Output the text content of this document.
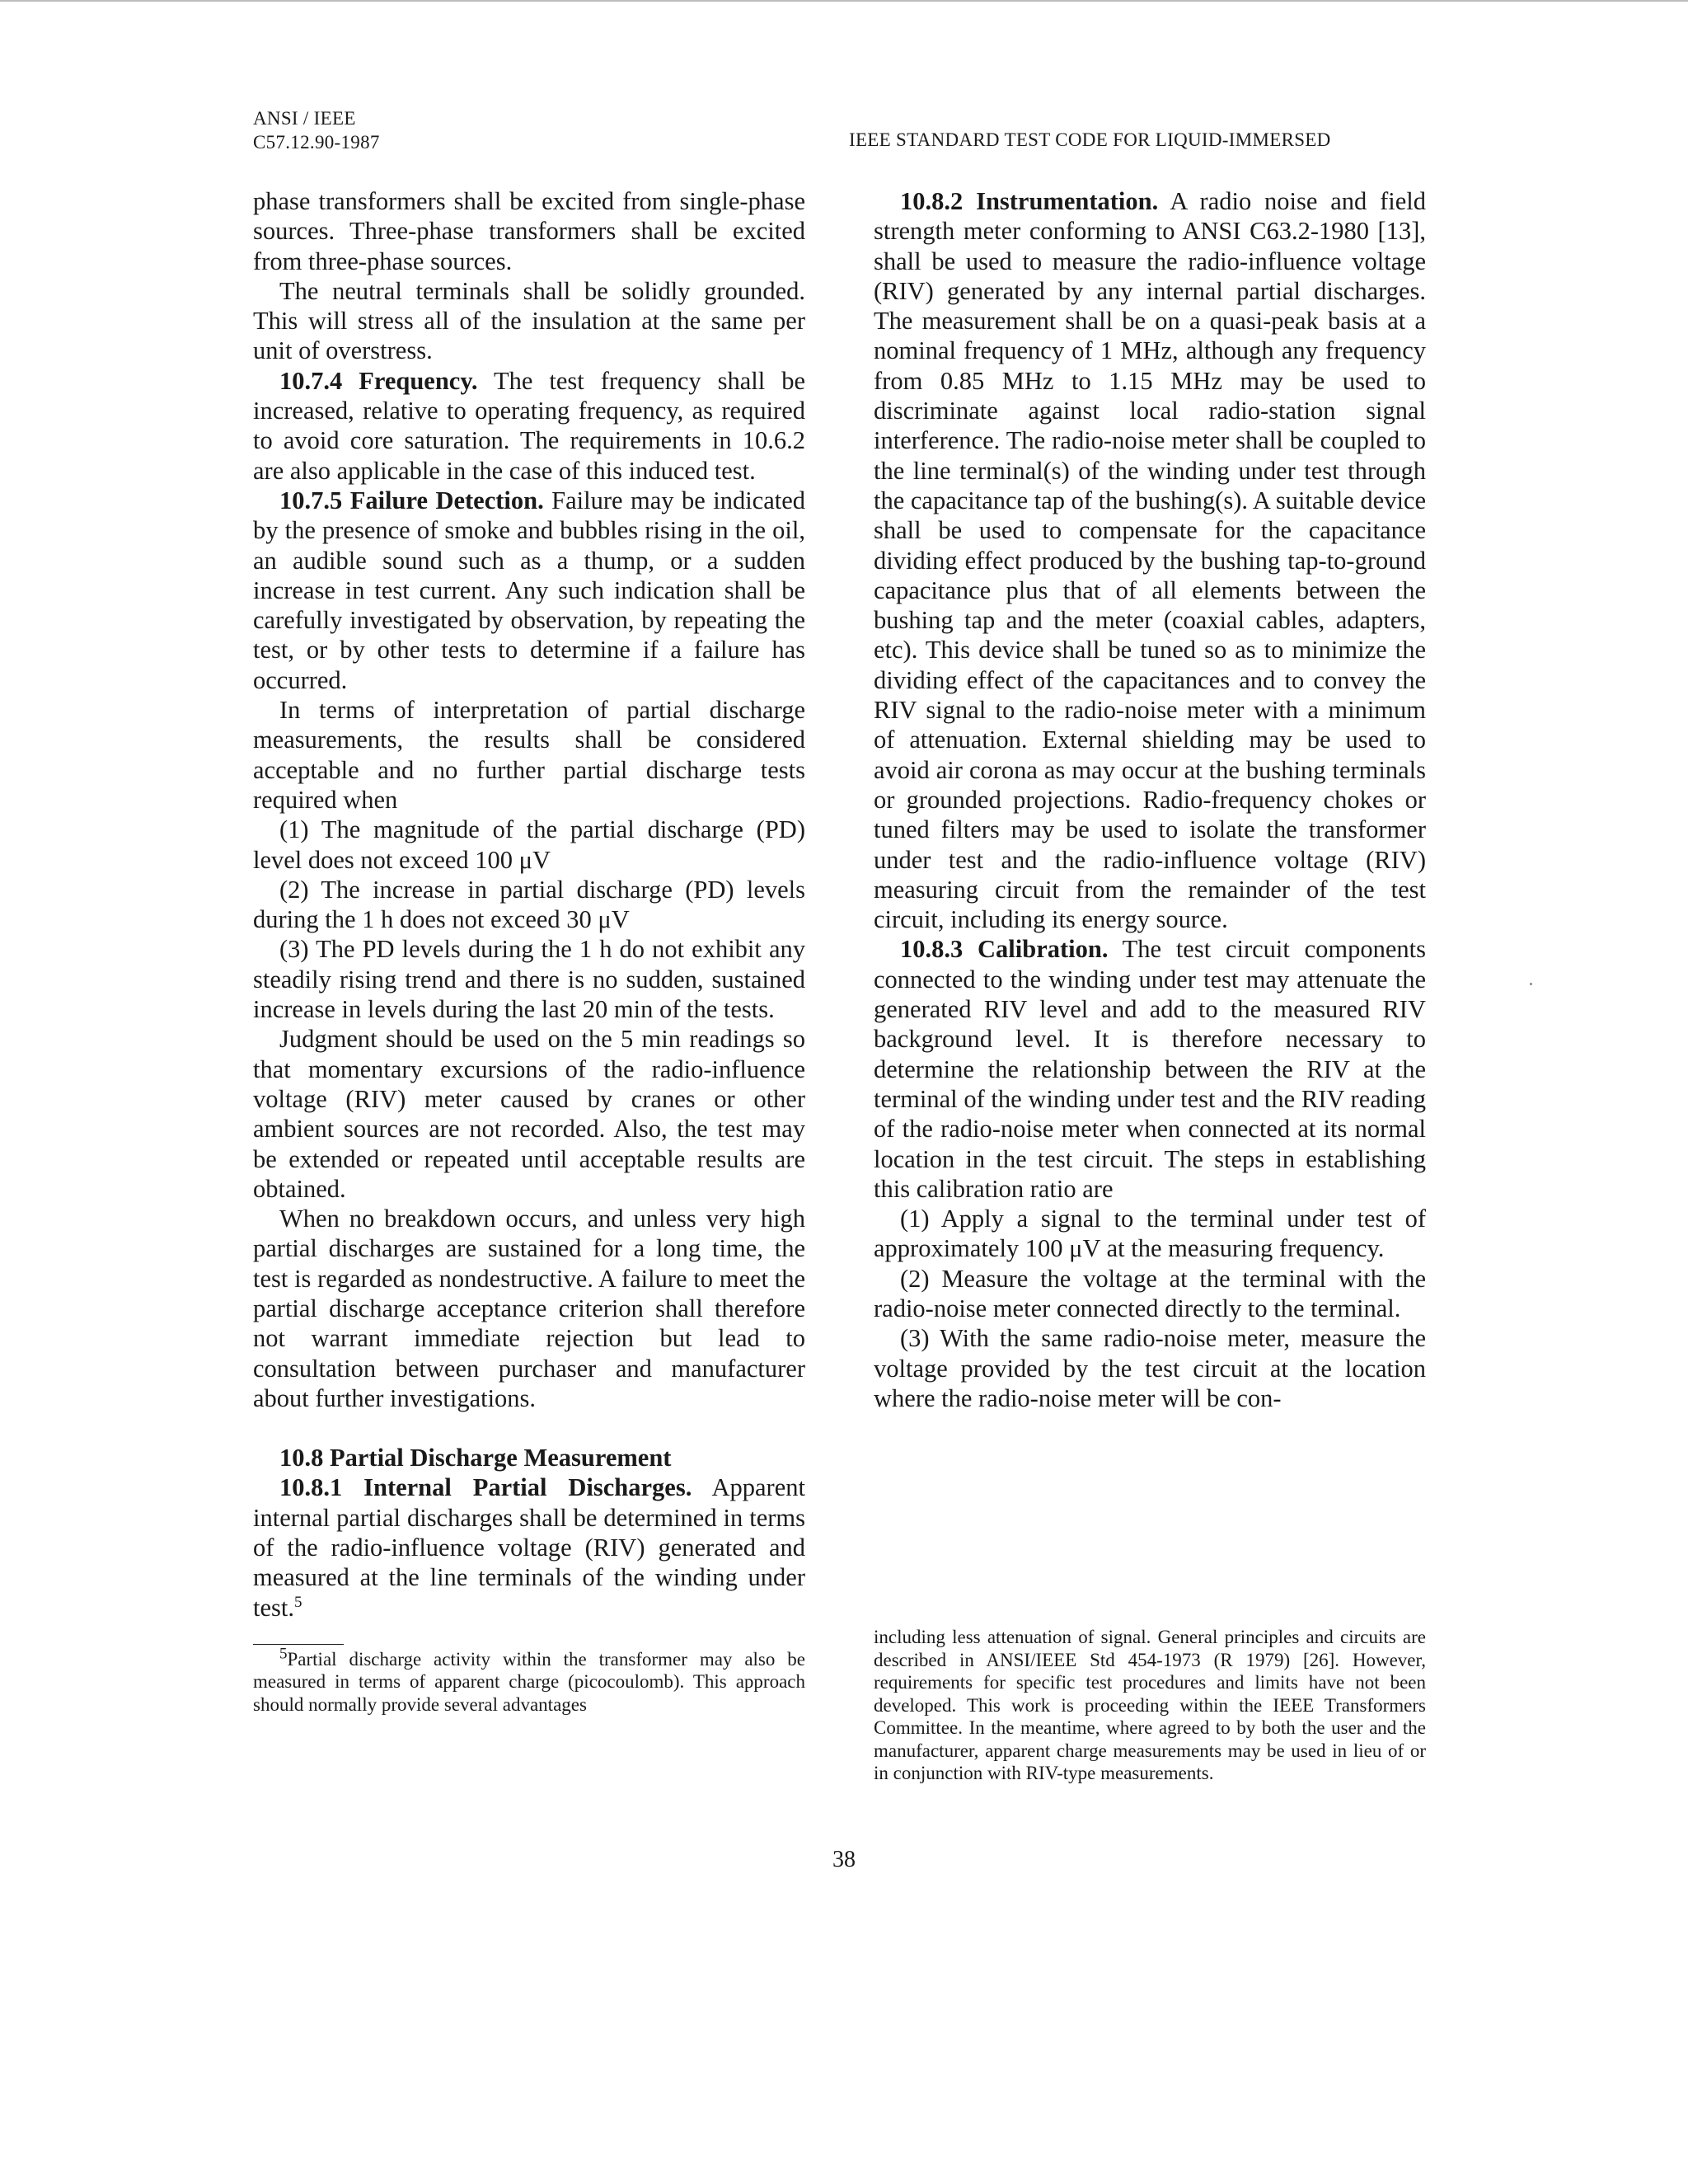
ANSI / IEEE
C57.12.90-1987	IEEE STANDARD TEST CODE FOR LIQUID-IMMERSED

phase transformers shall be excited from single-phase sources. Three-phase transformers shall be excited from three-phase sources.

The neutral terminals shall be solidly grounded. This will stress all of the insulation at the same per unit of overstress.

10.7.4 Frequency. The test frequency shall be increased, relative to operating frequency, as required to avoid core saturation. The requirements in 10.6.2 are also applicable in the case of this induced test.

10.7.5 Failure Detection. Failure may be indicated by the presence of smoke and bubbles rising in the oil, an audible sound such as a thump, or a sudden increase in test current. Any such indication shall be carefully investigated by observation, by repeating the test, or by other tests to determine if a failure has occurred.

In terms of interpretation of partial discharge measurements, the results shall be considered acceptable and no further partial discharge tests required when

(1) The magnitude of the partial discharge (PD) level does not exceed 100 μV

(2) The increase in partial discharge (PD) levels during the 1 h does not exceed 30 μV

(3) The PD levels during the 1 h do not exhibit any steadily rising trend and there is no sudden, sustained increase in levels during the last 20 min of the tests.

Judgment should be used on the 5 min readings so that momentary excursions of the radio-influence voltage (RIV) meter caused by cranes or other ambient sources are not recorded. Also, the test may be extended or repeated until acceptable results are obtained.

When no breakdown occurs, and unless very high partial discharges are sustained for a long time, the test is regarded as nondestructive. A failure to meet the partial discharge acceptance criterion shall therefore not warrant immediate rejection but lead to consultation between purchaser and manufacturer about further investigations.

10.8 Partial Discharge Measurement

10.8.1 Internal Partial Discharges. Apparent internal partial discharges shall be determined in terms of the radio-influence voltage (RIV) generated and measured at the line terminals of the winding under test.$^5$

$^5$Partial discharge activity within the transformer may also be measured in terms of apparent charge (picocoulomb). This approach should normally provide several advantages

10.8.2 Instrumentation. A radio noise and field strength meter conforming to ANSI C63.2-1980 [13], shall be used to measure the radio-influence voltage (RIV) generated by any internal partial discharges. The measurement shall be on a quasi-peak basis at a nominal frequency of 1 MHz, although any frequency from 0.85 MHz to 1.15 MHz may be used to discriminate against local radio-station signal interference. The radio-noise meter shall be coupled to the line terminal(s) of the winding under test through the capacitance tap of the bushing(s). A suitable device shall be used to compensate for the capacitance dividing effect produced by the bushing tap-to-ground capacitance plus that of all elements between the bushing tap and the meter (coaxial cables, adapters, etc). This device shall be tuned so as to minimize the dividing effect of the capacitances and to convey the RIV signal to the radio-noise meter with a minimum of attenuation. External shielding may be used to avoid air corona as may occur at the bushing terminals or grounded projections. Radio-frequency chokes or tuned filters may be used to isolate the transformer under test and the radio-influence voltage (RIV) measuring circuit from the remainder of the test circuit, including its energy source.

10.8.3 Calibration. The test circuit components connected to the winding under test may attenuate the generated RIV level and add to the measured RIV background level. It is therefore necessary to determine the relationship between the RIV at the terminal of the winding under test and the RIV reading of the radio-noise meter when connected at its normal location in the test circuit. The steps in establishing this calibration ratio are

(1) Apply a signal to the terminal under test of approximately 100 μV at the measuring frequency.

(2) Measure the voltage at the terminal with the radio-noise meter connected directly to the terminal.

(3) With the same radio-noise meter, measure the voltage provided by the test circuit at the location where the radio-noise meter will be con-

including less attenuation of signal. General principles and circuits are described in ANSI/IEEE Std 454-1973 (R 1979) [26]. However, requirements for specific test procedures and limits have not been developed. This work is proceeding within the IEEE Transformers Committee. In the meantime, where agreed to by both the user and the manufacturer, apparent charge measurements may be used in lieu of or in conjunction with RIV-type measurements.

38
